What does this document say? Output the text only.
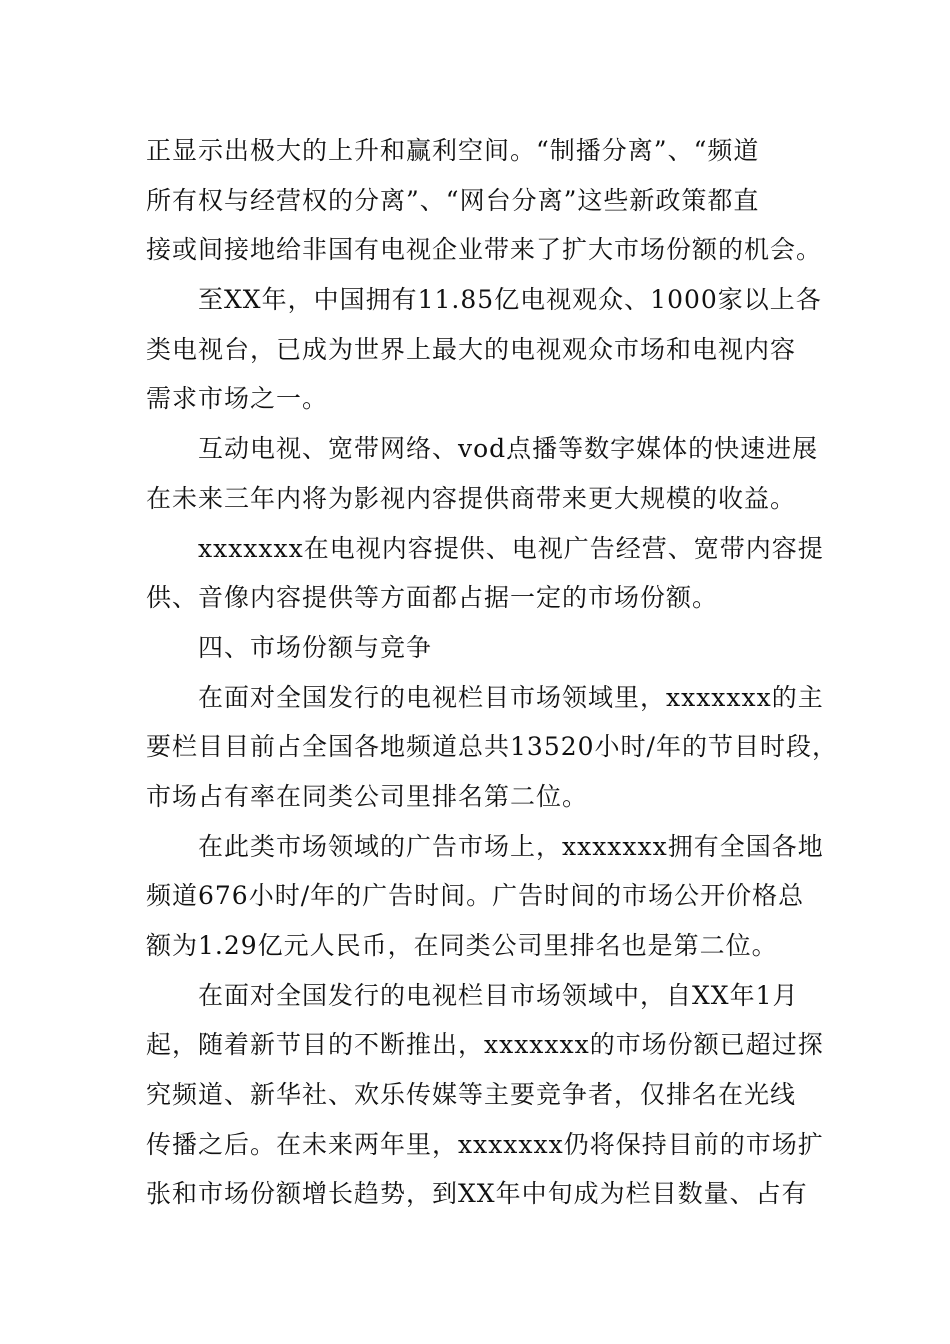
正显示出极大的上升和赢利空间。“制播分离”、“频道
所有权与经营权的分离”、“网台分离”这些新政策都直
接或间接地给非国有电视企业带来了扩大市场份额的机会。
至XX年，中国拥有11.85亿电视观众、1000家以上各
类电视台，已成为世界上最大的电视观众市场和电视内容
需求市场之一。
互动电视、宽带网络、vod点播等数字媒体的快速进展
在未来三年内将为影视内容提供商带来更大规模的收益。
xxxxxxx在电视内容提供、电视广告经营、宽带内容提
供、音像内容提供等方面都占据一定的市场份额。
四、市场份额与竞争
在面对全国发行的电视栏目市场领域里，xxxxxxx的主
要栏目目前占全国各地频道总共13520小时/年的节目时段，
市场占有率在同类公司里排名第二位。
在此类市场领域的广告市场上，xxxxxxx拥有全国各地
频道676小时/年的广告时间。广告时间的市场公开价格总
额为1.29亿元人民币，在同类公司里排名也是第二位。
在面对全国发行的电视栏目市场领域中，自XX年1月
起，随着新节目的不断推出，xxxxxxx的市场份额已超过探
究频道、新华社、欢乐传媒等主要竞争者，仅排名在光线
传播之后。在未来两年里，xxxxxxx仍将保持目前的市场扩
张和市场份额增长趋势，到XX年中旬成为栏目数量、占有
